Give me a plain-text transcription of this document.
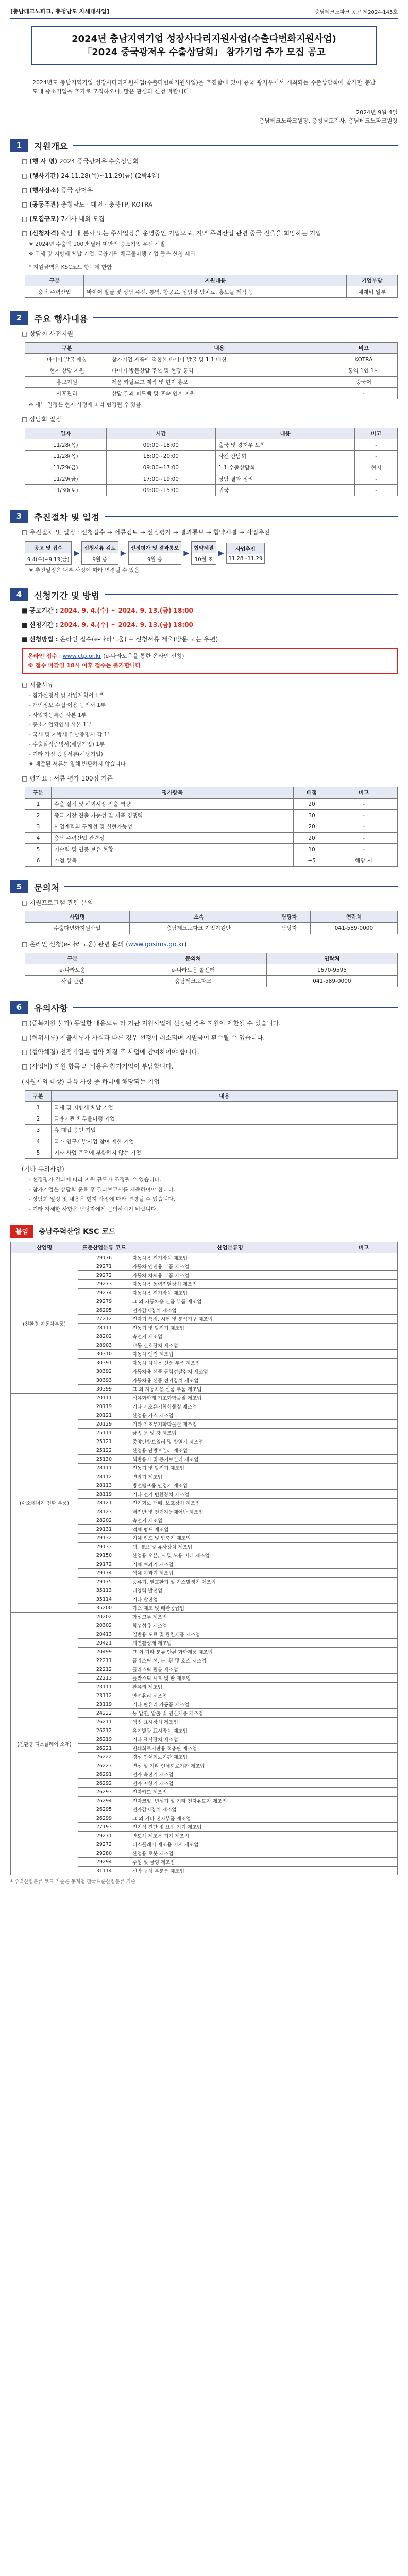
[충남테크노파크, 충청남도 차세대사업]	충남테크노파크 공고 제2024-145호
2024년 충남지역기업 성장사다리지원사업(수출다변화지원사업)
「2024 중국광저우 수출상담회」 참가기업 추가 모집 공고
2024년도 충남지역기업 성장사다리지원사업(수출다변화지원사업)을 추진함에 있어 중국 광저우에서 개최되는 수출상담회에 참가할 충남 도내 중소기업을 추가로 모집하오니, 많은 관심과 신청 바랍니다.
2024년 9월 4일
충남테크노파크원장, 충청남도지사, 충남테크노파크원장
1	지원개요
□ (행 사 명) 2024 중국광저우 수출상담회
□ (행사기간) 24.11.28(목)~11.29(금) (2박4일)
□ (행사장소) 중국 광저우
□ (공동주관) 충청남도 · 대전 · 충북TP, KOTRA
□ (모집규모) 7개사 내외 모집
□ (신청자격) 충남 내 본사 또는 주사업장을 운영중인 기업으로, 지역 주력산업 관련 중국 진출을 희망하는 기업
※ 2024년 수출액 100만 달러 미만의 중소기업 우선 선발
※ 국세 및 지방세 체납 기업, 금융기관 채무불이행 기업 등은 신청 제외
* 지원금액은 KSC코드 항목에 한함
구분	지원내용	기업부담
충남 주력산업	바이어 발굴 및 상담 주선, 통역, 항공료, 상담장 임차료, 홍보물 제작 등	체재비 일부
2	주요 행사내용
□ 상담회 사전지원
구분	내용	비고
바이어 발굴 매칭	참가기업 제품에 적합한 바이어 발굴 및 1:1 매칭	KOTRA
현지 상담 지원	바이어 방문상담 주선 및 현장 통역	통역 1인 1사
홍보지원	제품 카탈로그 제작 및 현지 홍보	중국어
사후관리	상담 결과 피드백 및 후속 연계 지원	-
※ 세부 일정은 현지 사정에 따라 변경될 수 있음
□ 상담회 일정
일자	시간	내용	비고
11/28(목)	09:00~18:00	출국 및 광저우 도착	-
11/28(목)	18:00~20:00	사전 간담회	-
11/29(금)	09:00~17:00	1:1 수출상담회	현지
11/29(금)	17:00~19:00	상담 결과 정리	-
11/30(토)	09:00~15:00	귀국	-
3	추진절차 및 일정
□ 추진절차 및 일정 : 신청접수 → 서류검토 → 선정평가 → 결과통보 → 협약체결 → 사업추진
공고 및 접수
9.4(수)~9.13(금)
▶
신청서류 검토
9월 중
▶
선정평가 및 결과통보
9월 중
▶
협약체결
10월 초
▶	사업추진
11.28~11.29
※ 추진일정은 내부 사정에 따라 변경될 수 있음
4	신청기간 및 방법
■ 공고기간 : 2024. 9. 4.(수) ~ 2024. 9. 13.(금) 18:00
■ 신청기간 : 2024. 9. 4.(수) ~ 2024. 9. 13.(금) 18:00
■ 신청방법 : 온라인 접수(e-나라도움) + 신청서류 제출(방문 또는 우편)
온라인 접수 : www.ctp.or.kr (e-나라도움을 통한 온라인 신청)
※ 접수 마감일 18시 이후 접수는 불가합니다
□ 제출서류
- 참가신청서 및 사업계획서 1부
- 개인정보 수집·이용 동의서 1부
- 사업자등록증 사본 1부
- 중소기업확인서 사본 1부
- 국세 및 지방세 완납증명서 각 1부
- 수출실적증명서(해당기업) 1부
- 기타 가점 증빙서류(해당기업)
※ 제출된 서류는 일체 반환하지 않습니다
□ 평가표 : 서류 평가 100점 기준
구분	평가항목	배점	비고
1	수출 실적 및 해외시장 진출 역량	20	-
2	중국 시장 진출 가능성 및 제품 경쟁력	30	-
3	사업계획의 구체성 및 실현가능성	20	-
4	충남 주력산업 관련성	20	-
5	기술력 및 인증 보유 현황	10	-
6	가점 항목	+5	해당 시
5	문의처
□ 지원프로그램 관련 문의
사업명	소속	담당자	연락처
수출다변화지원사업	충남테크노파크 기업지원단	담당자	041-589-0000
□ 온라인 신청(e-나라도움) 관련 문의 (www.gosims.go.kr)
구분	문의처	연락처
e-나라도움	e-나라도움 콜센터	1670-9595
사업 관련	충남테크노파크	041-589-0000
6	유의사항
□ (중복지원 불가) 동일한 내용으로 타 기관 지원사업에 선정된 경우 지원이 제한될 수 있습니다.
□ (허위서류) 제출서류가 사실과 다른 경우 선정이 취소되며 지원금이 환수될 수 있습니다.
□ (협약체결) 선정기업은 협약 체결 후 사업에 참여하여야 합니다.
□ (사업비) 지원 항목 외 비용은 참가기업이 부담합니다.
(지원제외 대상) 다음 사항 중 하나에 해당되는 기업
구분	내용
1	국세 및 지방세 체납 기업
2	금융기관 채무불이행 기업
3	휴·폐업 중인 기업
4	국가 연구개발사업 참여 제한 기업
5	기타 사업 목적에 부합하지 않는 기업
(기타 유의사항)
- 선정평가 결과에 따라 지원 규모가 조정될 수 있습니다.
- 참가기업은 상담회 종료 후 결과보고서를 제출하여야 합니다.
- 상담회 일정 및 내용은 현지 사정에 따라 변경될 수 있습니다.
- 기타 자세한 사항은 담당자에게 문의하시기 바랍니다.
붙임	충남주력산업 KSC 코드
산업명	표준산업분류 코드	산업분류명	비고
(친환경 자동차부품)	29176	자동차용 전기장치 제조업	
	29271	자동차 엔진용 부품 제조업	
	29272	자동차 차체용 부품 제조업	
	29273	자동차용 동력전달장치 제조업	
	29274	자동차용 전기장치 제조업	
	29279	그 외 자동차용 신품 부품 제조업	
	26295	전자감지장치 제조업	
	27212	전자기 측정, 시험 및 분석기구 제조업	
	28111	전동기 및 발전기 제조업	
	28202	축전지 제조업	
	28903	교통 신호장치 제조업	
	30310	자동차 엔진 제조업	
	30391	자동차 차체용 신품 부품 제조업	
	30392	자동차용 신품 동력전달장치 제조업	
	30393	자동차용 신품 전기장치 제조업	
	30399	그 외 자동차용 신품 부품 제조업	
(수소에너지 전환 부품)	20111	석유화학계 기초화학물질 제조업	
	20119	기타 기초유기화학물질 제조업	
	20121	산업용 가스 제조업	
	20129	기타 기초무기화학물질 제조업	
	25111	금속 문 및 창 제조업	
	25121	중앙난방보일러 및 방열기 제조업	
	25122	산업용 난방보일러 제조업	
	25130	핵반응기 및 증기보일러 제조업	
	28111	전동기 및 발전기 제조업	
	28112	변압기 제조업	
	28113	방전램프용 안정기 제조업	
	28119	기타 전기 변환장치 제조업	
	28121	전기회로 개폐, 보호장치 제조업	
	28123	배전반 및 전기자동제어반 제조업	
	28202	축전지 제조업	
	29131	액체 펌프 제조업	
	29132	기체 펌프 및 압축기 제조업	
	29133	탭, 밸브 및 유사장치 제조업	
	29150	산업용 오븐, 노 및 노용 버너 제조업	
	29172	기체 여과기 제조업	
	29174	액체 여과기 제조업	
	29175	증류기, 열교환기 및 가스발생기 제조업	
	35113	태양력 발전업	
	35114	기타 발전업	
	35200	가스 제조 및 배관공급업	
(친환경 디스플레이 소재)	20202	합성고무 제조업	
	20302	합성섬유 제조업	
	20413	일반용 도료 및 관련제품 제조업	
	20421	계면활성제 제조업	
	20499	그 외 기타 분류 안된 화학제품 제조업	
	22211	플라스틱 선, 봉, 관 및 호스 제조업	
	22212	플라스틱 필름 제조업	
	22213	플라스틱 시트 및 판 제조업	
	23111	판유리 제조업	
	23112	안전유리 제조업	
	23119	기타 판유리 가공품 제조업	
	24222	동 압연, 압출 및 연신제품 제조업	
	26211	액정 표시장치 제조업	
	26212	유기발광 표시장치 제조업	
	26219	기타 표시장치 제조업	
	26221	인쇄회로기판용 적층판 제조업	
	26222	경성 인쇄회로기판 제조업	
	26223	연성 및 기타 인쇄회로기판 제조업	
	26291	전자 축전기 제조업	
	26292	전자 저항기 제조업	
	26293	전자카드 제조업	
	26294	전자코일, 변성기 및 기타 전자유도자 제조업	
	26295	전자감지장치 제조업	
	26299	그 외 기타 전자부품 제조업	
	27193	전기식 진단 및 요법 기기 제조업	
	29271	반도체 제조용 기계 제조업	
	29272	디스플레이 제조용 기계 제조업	
	29280	산업용 로봇 제조업	
	29294	주형 및 금형 제조업	
	31114	선박 구성 부분품 제조업	
* 주력산업분류 코드 기준은 통계청 한국표준산업분류 기준
